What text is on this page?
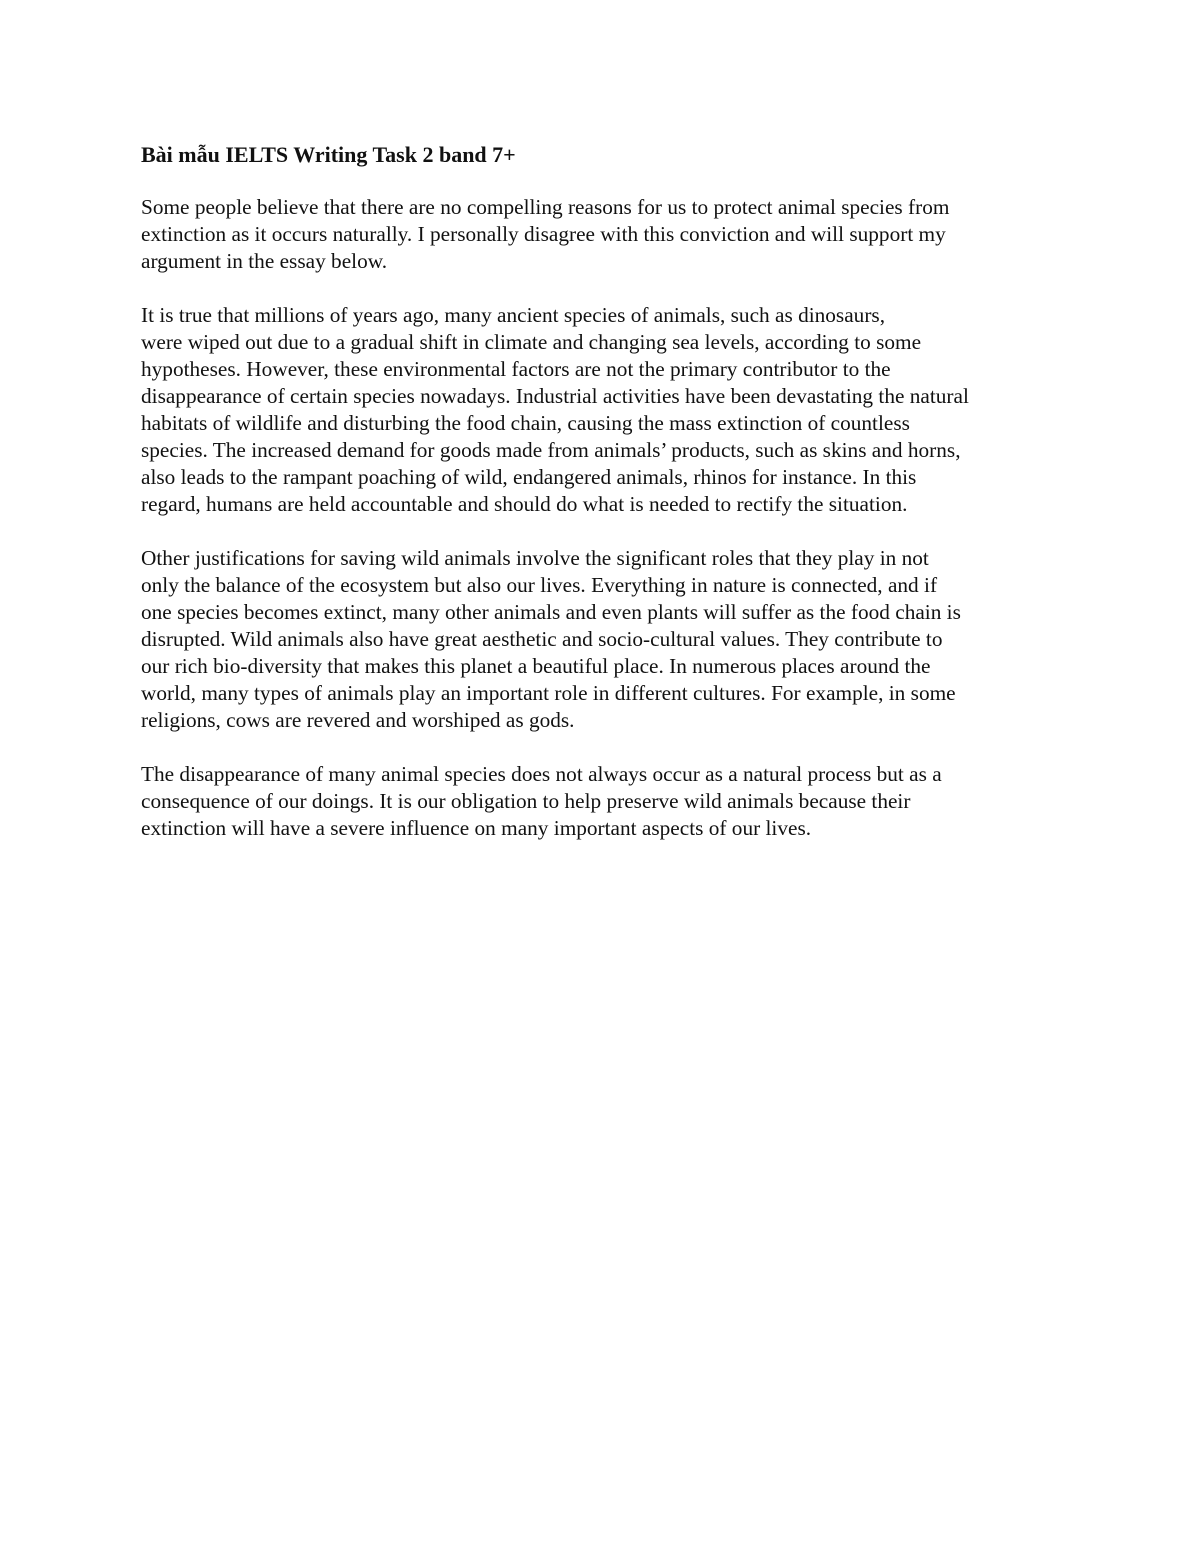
Bài mẫu IELTS Writing Task 2 band 7+
Some people believe that there are no compelling reasons for us to protect animal species from
extinction as it occurs naturally. I personally disagree with this conviction and will support my
argument in the essay below.
It is true that millions of years ago, many ancient species of animals, such as dinosaurs,
were wiped out due to a gradual shift in climate and changing sea levels, according to some
hypotheses. However, these environmental factors are not the primary contributor to the
disappearance of certain species nowadays. Industrial activities have been devastating the natural
habitats of wildlife and disturbing the food chain, causing the mass extinction of countless
species. The increased demand for goods made from animals’ products, such as skins and horns,
also leads to the rampant poaching of wild, endangered animals, rhinos for instance. In this
regard, humans are held accountable and should do what is needed to rectify the situation.
Other justifications for saving wild animals involve the significant roles that they play in not
only the balance of the ecosystem but also our lives. Everything in nature is connected, and if
one species becomes extinct, many other animals and even plants will suffer as the food chain is
disrupted. Wild animals also have great aesthetic and socio-cultural values. They contribute to
our rich bio-diversity that makes this planet a beautiful place. In numerous places around the
world, many types of animals play an important role in different cultures. For example, in some
religions, cows are revered and worshiped as gods.
The disappearance of many animal species does not always occur as a natural process but as a
consequence of our doings. It is our obligation to help preserve wild animals because their
extinction will have a severe influence on many important aspects of our lives.
